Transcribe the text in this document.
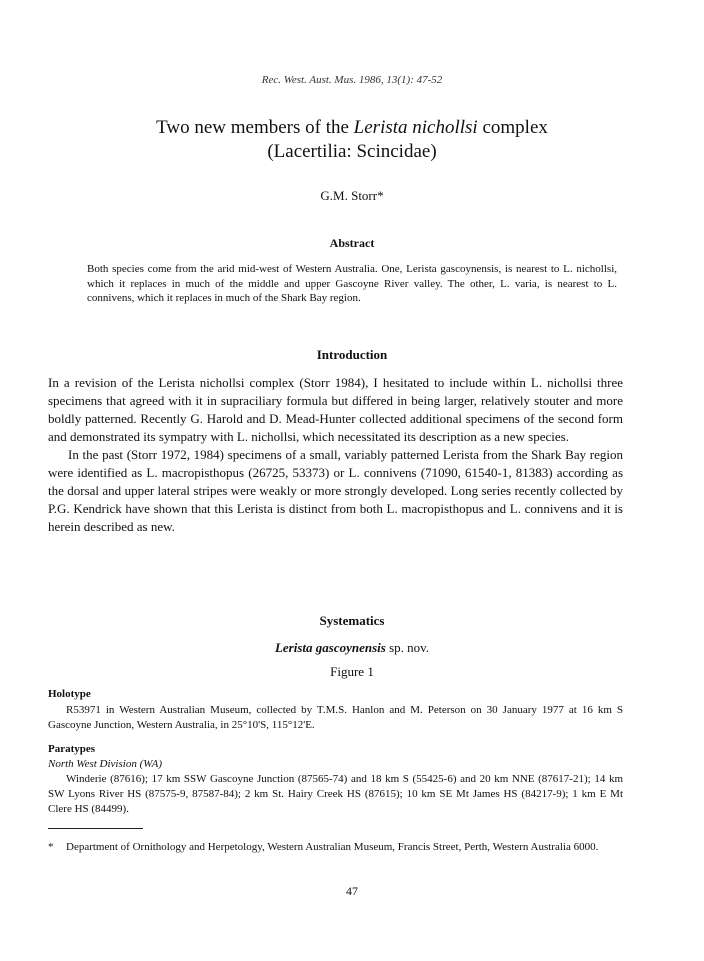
Rec. West. Aust. Mus. 1986, 13(1): 47-52
Two new members of the Lerista nichollsi complex
(Lacertilia: Scincidae)
G.M. Storr*
Abstract
Both species come from the arid mid-west of Western Australia. One, Lerista gascoynensis, is nearest to L. nichollsi, which it replaces in much of the middle and upper Gascoyne River valley. The other, L. varia, is nearest to L. connivens, which it replaces in much of the Shark Bay region.
Introduction

In a revision of the Lerista nichollsi complex (Storr 1984), I hesitated to include within L. nichollsi three specimens that agreed with it in supraciliary formula but differed in being larger, relatively stouter and more boldly patterned. Recently G. Harold and D. Mead-Hunter collected additional specimens of the second form and demonstrated its sympatry with L. nichollsi, which necessitated its description as a new species.

In the past (Storr 1972, 1984) specimens of a small, variably patterned Lerista from the Shark Bay region were identified as L. macropisthopus (26725, 53373) or L. connivens (71090, 61540-1, 81383) according as the dorsal and upper lateral stripes were weakly or more strongly developed. Long series recently collected by P.G. Kendrick have shown that this Lerista is distinct from both L. macropisthopus and L. connivens and it is herein described as new.

Systematics
Lerista gascoynensis sp. nov.
Figure 1
Holotype
R53971 in Western Australian Museum, collected by T.M.S. Hanlon and M. Peterson on 30 January 1977 at 16 km S Gascoyne Junction, Western Australia, in 25°10'S, 115°12'E.
Paratypes
North West Division (WA)
Winderie (87616); 17 km SSW Gascoyne Junction (87565-74) and 18 km S (55425-6) and 20 km NNE (87617-21); 14 km SW Lyons River HS (87575-9, 87587-84); 2 km St. Hairy Creek HS (87615); 10 km SE Mt James HS (84217-9); 1 km E Mt Clere HS (84499).
*	Department of Ornithology and Herpetology, Western Australian Museum, Francis Street, Perth, Western Australia 6000.
47
